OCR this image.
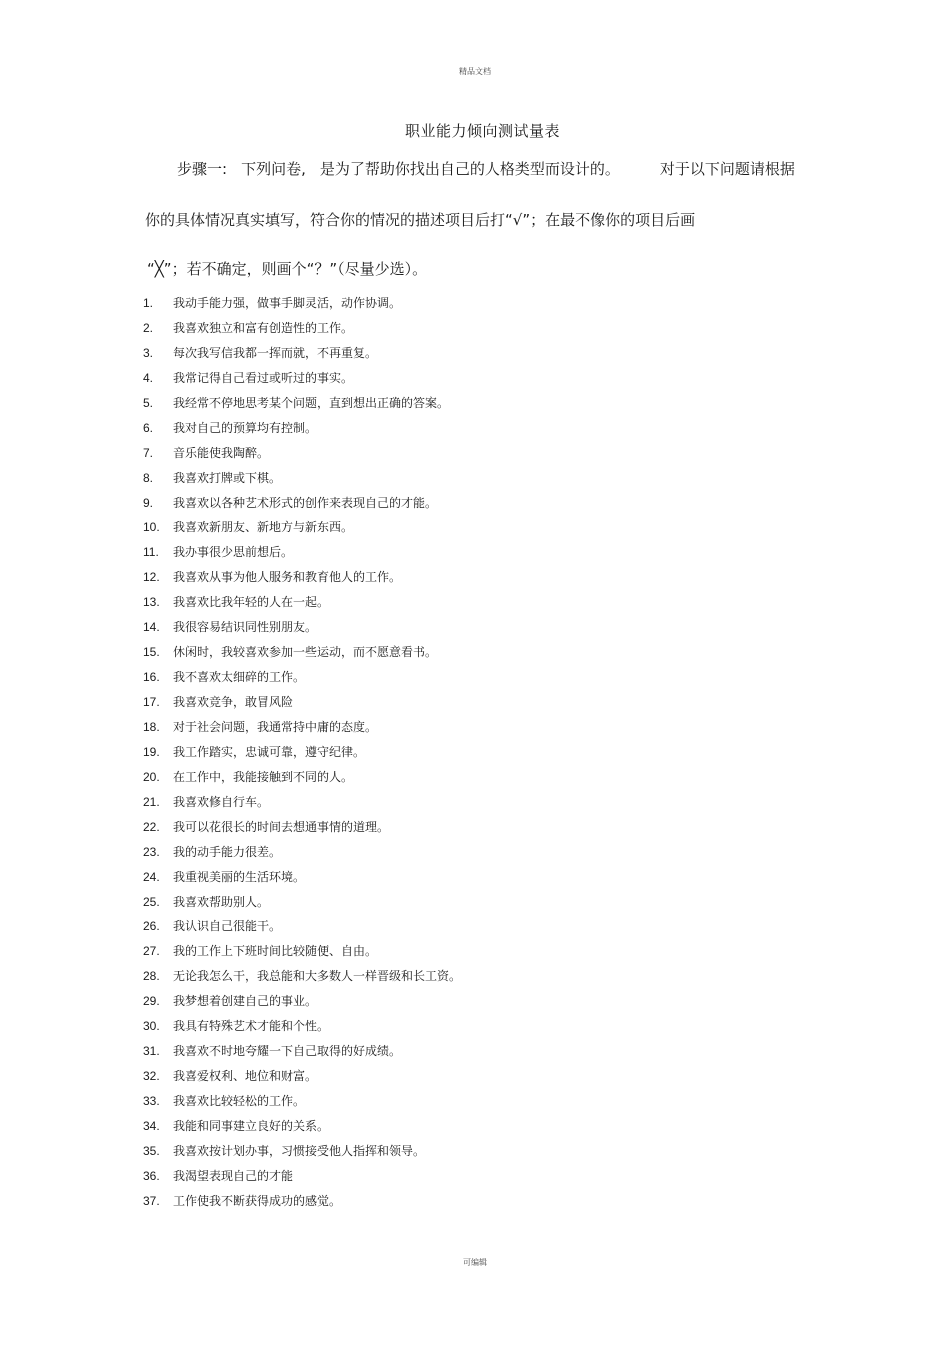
精品文档
职业能力倾向测试量表
步骤一: 下列问卷, 是为了帮助你找出自己的人格类型而设计的。	对于以下问题请根据
你的具体情况真实填写，符合你的情况的描述项目后打“√”；在最不像你的项目后画
“╳”；若不确定，则画个“？”（尽量少选）。
1.	我动手能力强，做事手脚灵活，动作协调。
2.	我喜欢独立和富有创造性的工作。
3.	每次我写信我都一挥而就，不再重复。
4.	我常记得自己看过或听过的事实。
5.	我经常不停地思考某个问题，直到想出正确的答案。
6.	我对自己的预算均有控制。
7.	音乐能使我陶醉。
8.	我喜欢打牌或下棋。
9.	我喜欢以各种艺术形式的创作来表现自己的才能。
10.	我喜欢新朋友、新地方与新东西。
11.	我办事很少思前想后。
12.	我喜欢从事为他人服务和教育他人的工作。
13.	我喜欢比我年轻的人在一起。
14.	我很容易结识同性别朋友。
15.	休闲时，我较喜欢参加一些运动，而不愿意看书。
16.	我不喜欢太细碎的工作。
17.	我喜欢竞争，敢冒风险
18.	对于社会问题，我通常持中庸的态度。
19.	我工作踏实，忠诚可靠，遵守纪律。
20.	在工作中，我能接触到不同的人。
21.	我喜欢修自行车。
22.	我可以花很长的时间去想通事情的道理。
23.	我的动手能力很差。
24.	我重视美丽的生活环境。
25.	我喜欢帮助别人。
26.	我认识自己很能干。
27.	我的工作上下班时间比较随便、自由。
28.	无论我怎么干，我总能和大多数人一样晋级和长工资。
29.	我梦想着创建自己的事业。
30.	我具有特殊艺术才能和个性。
31.	我喜欢不时地夸耀一下自己取得的好成绩。
32.	我喜爱权利、地位和财富。
33.	我喜欢比较轻松的工作。
34.	我能和同事建立良好的关系。
35.	我喜欢按计划办事，习惯接受他人指挥和领导。
36.	我渴望表现自己的才能
37.	工作使我不断获得成功的感觉。
可编辑
